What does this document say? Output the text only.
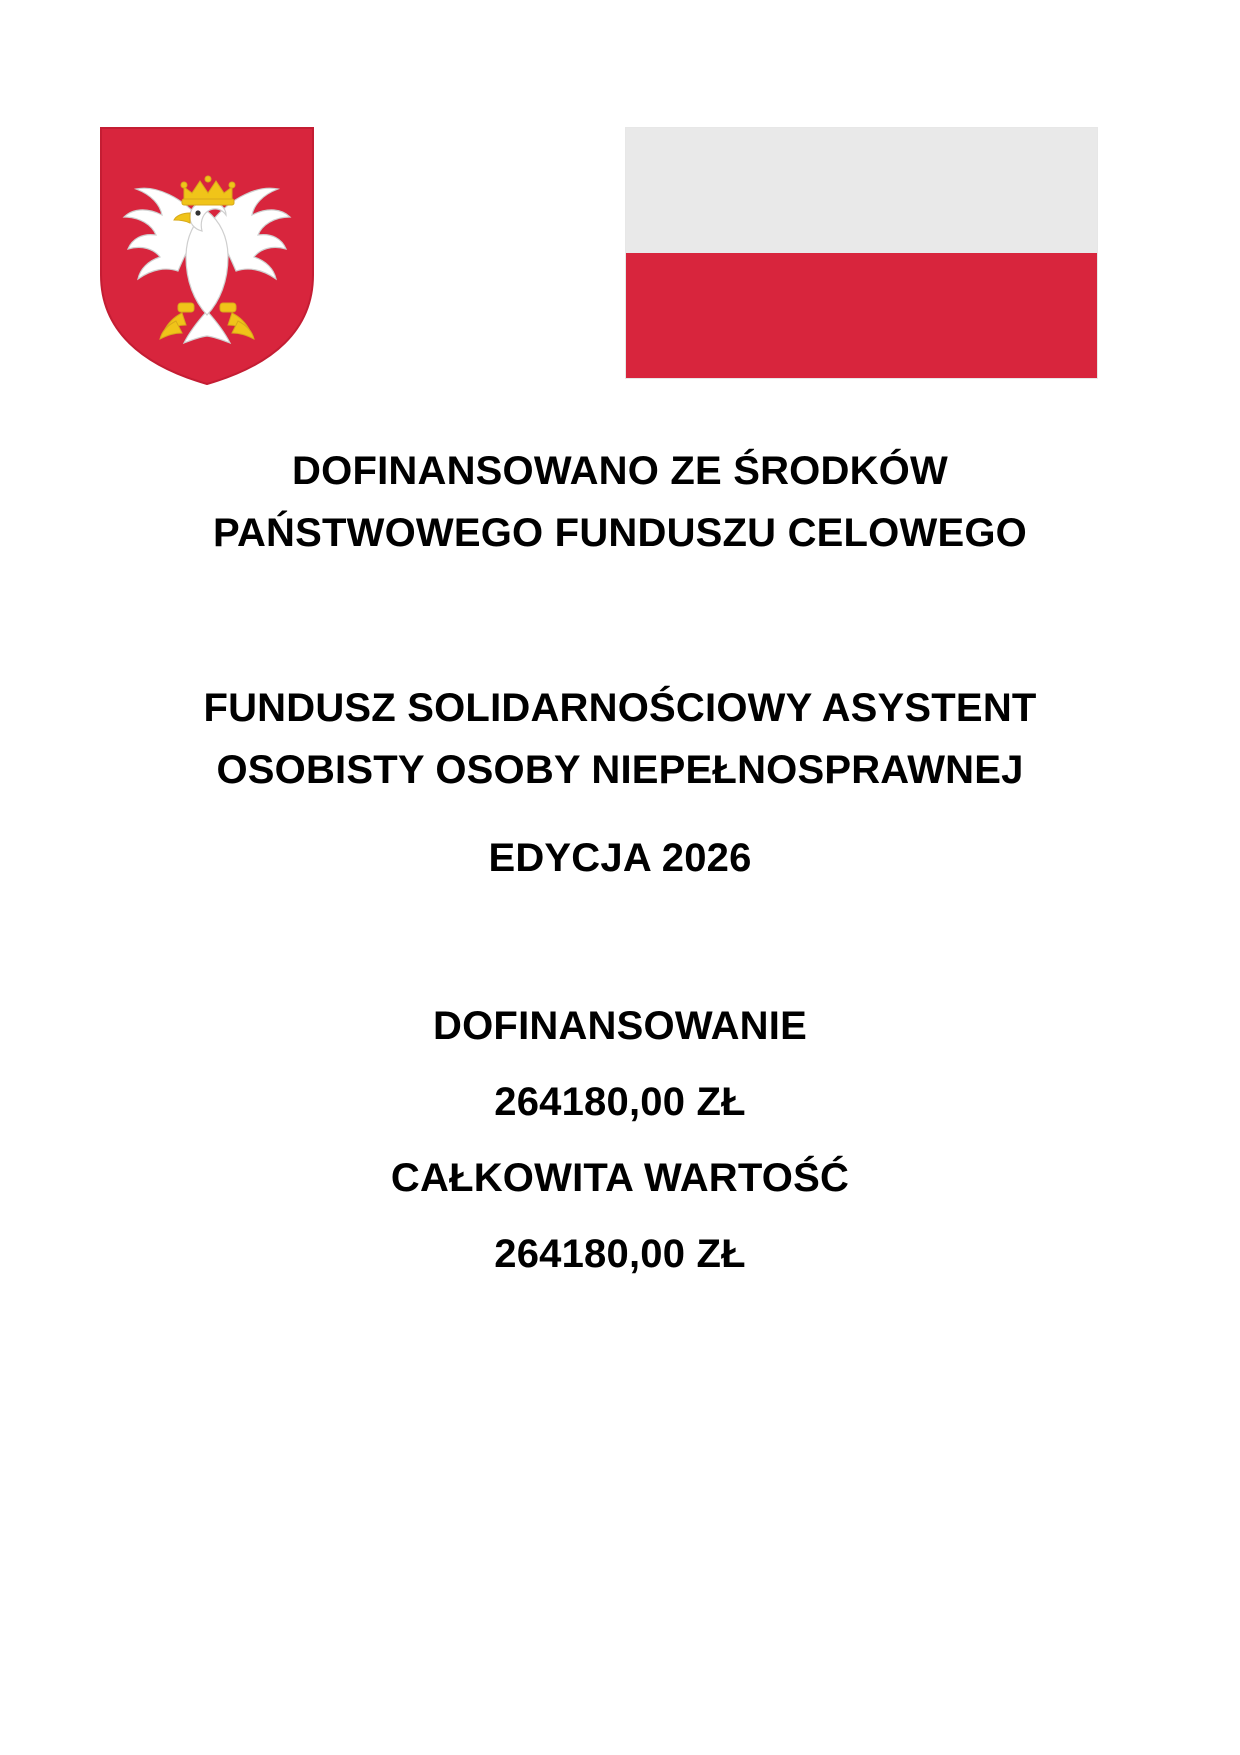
DOFINANSOWANO ZE ŚRODKÓW
PAŃSTWOWEGO FUNDUSZU CELOWEGO
FUNDUSZ SOLIDARNOŚCIOWY ASYSTENT
OSOBISTY OSOBY NIEPEŁNOSPRAWNEJ
EDYCJA 2026
DOFINANSOWANIE
264180,00 ZŁ
CAŁKOWITA WARTOŚĆ
264180,00 ZŁ
